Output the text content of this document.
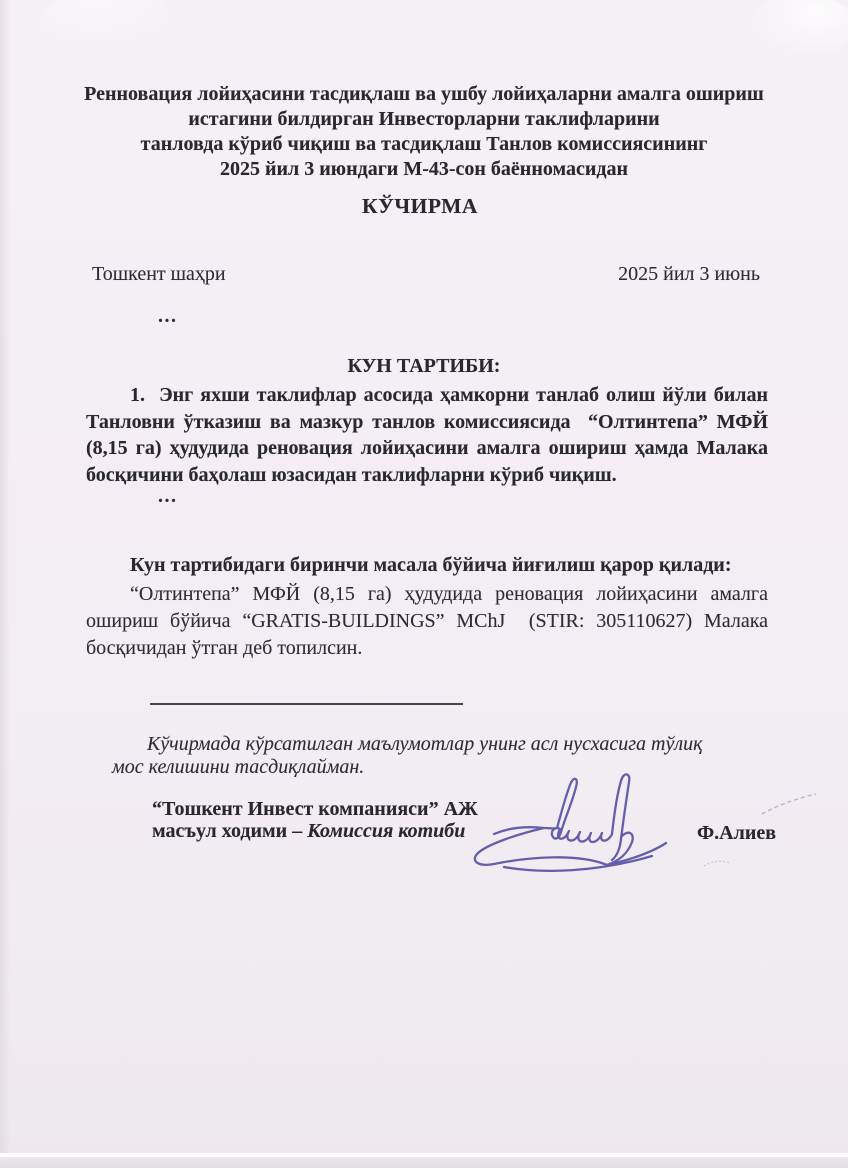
Ренновация лойиҳасини тасдиқлаш ва ушбу лойиҳаларни амалга ошириш
истагини билдирган Инвесторларни таклифларини
танловда кўриб чиқиш ва тасдиқлаш Танлов комиссиясининг
2025 йил 3 июндаги М-43-сон баённомасидан
КЎЧИРМА
Тошкент шаҳри	2025 йил 3 июнь
...
КУН ТАРТИБИ:
1.  Энг яхши таклифлар асосида ҳамкорни танлаб олиш йўли билан Танловни ўтказиш ва мазкур танлов комиссиясида  “Олтинтепа” МФЙ (8,15 га) ҳудудида реновация лойиҳасини амалга ошириш ҳамда Малака босқичини баҳолаш юзасидан таклифларни кўриб чиқиш.
...
Кун тартибидаги биринчи масала бўйича йиғилиш қарор қилади:
“Олтинтепа” МФЙ (8,15 га) ҳудудида реновация лойиҳасини амалга ошириш бўйича “GRATIS-BUILDINGS” MChJ  (STIR: 305110627) Малака босқичидан ўтган деб топилсин.
Кўчирмада кўрсатилган маълумотлар унинг асл нусхасига тўлиқ мос келишини тасдиқлайман.
“Тошкент Инвест компанияси” АЖ
масъул ходими – Комиссия котиби	Ф.Алиев
